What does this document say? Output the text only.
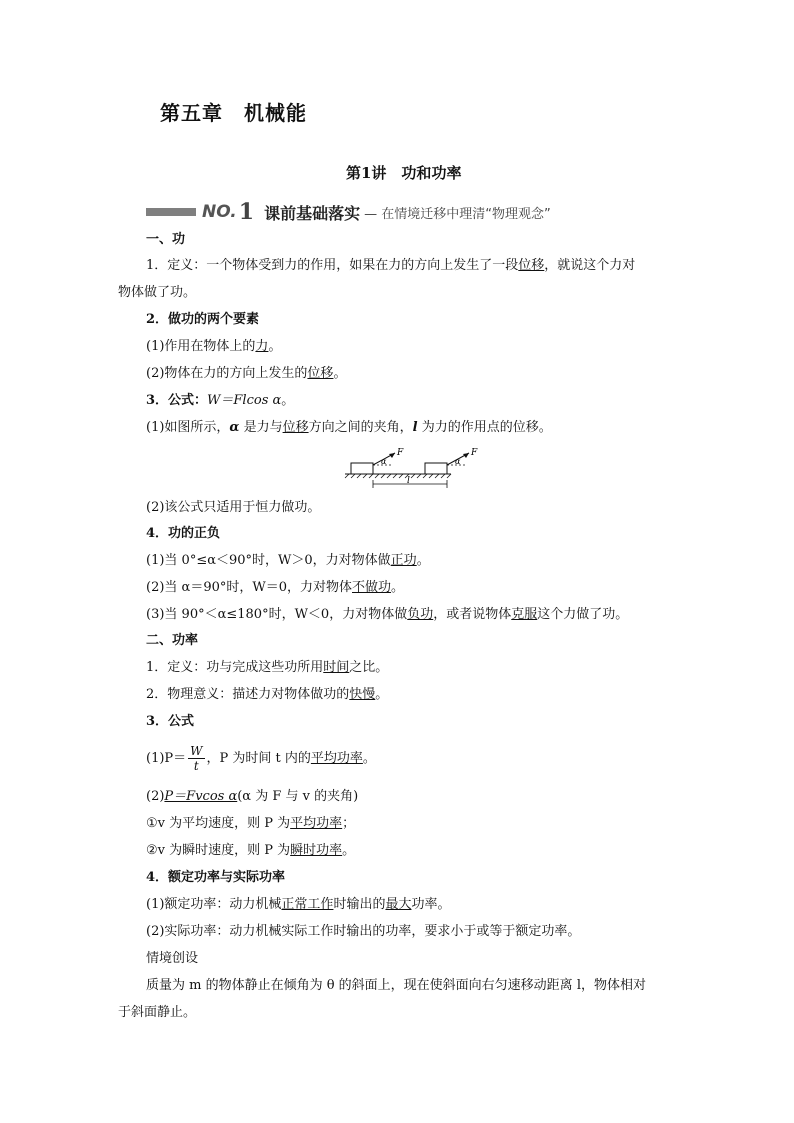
第五章　机械能
第1讲　功和功率
NO. 1 课前基础落实 — 在情境迁移中理清“物理观念”
一、功
1．定义：一个物体受到力的作用，如果在力的方向上发生了一段位移，就说这个力对
物体做了功。
2．做功的两个要素
(1)作用在物体上的力。
(2)物体在力的方向上发生的位移。
3．公式：W＝Flcos α。
(1)如图所示，α 是力与位移方向之间的夹角，l 为力的作用点的位移。
F	F
α	α
l
(2)该公式只适用于恒力做功。
4．功的正负
(1)当 0°≤α＜90°时，W＞0，力对物体做正功。
(2)当 α＝90°时，W＝0，力对物体不做功。
(3)当 90°＜α≤180°时，W＜0，力对物体做负功，或者说物体克服这个力做了功。
二、功率
1．定义：功与完成这些功所用时间之比。
2．物理意义：描述力对物体做功的快慢。
3．公式
$(1)P= \frac{W}{t}$ ，P 为时间 t 内的平均功率。
(2)P＝Fvcos α(α 为 F 与 v 的夹角)
①v 为平均速度，则 P 为平均功率；
②v 为瞬时速度，则 P 为瞬时功率。
4．额定功率与实际功率
(1)额定功率：动力机械正常工作时输出的最大功率。
(2)实际功率：动力机械实际工作时输出的功率，要求小于或等于额定功率。
情境创设
质量为 m 的物体静止在倾角为 θ 的斜面上，现在使斜面向右匀速移动距离 l，物体相对
于斜面静止。
